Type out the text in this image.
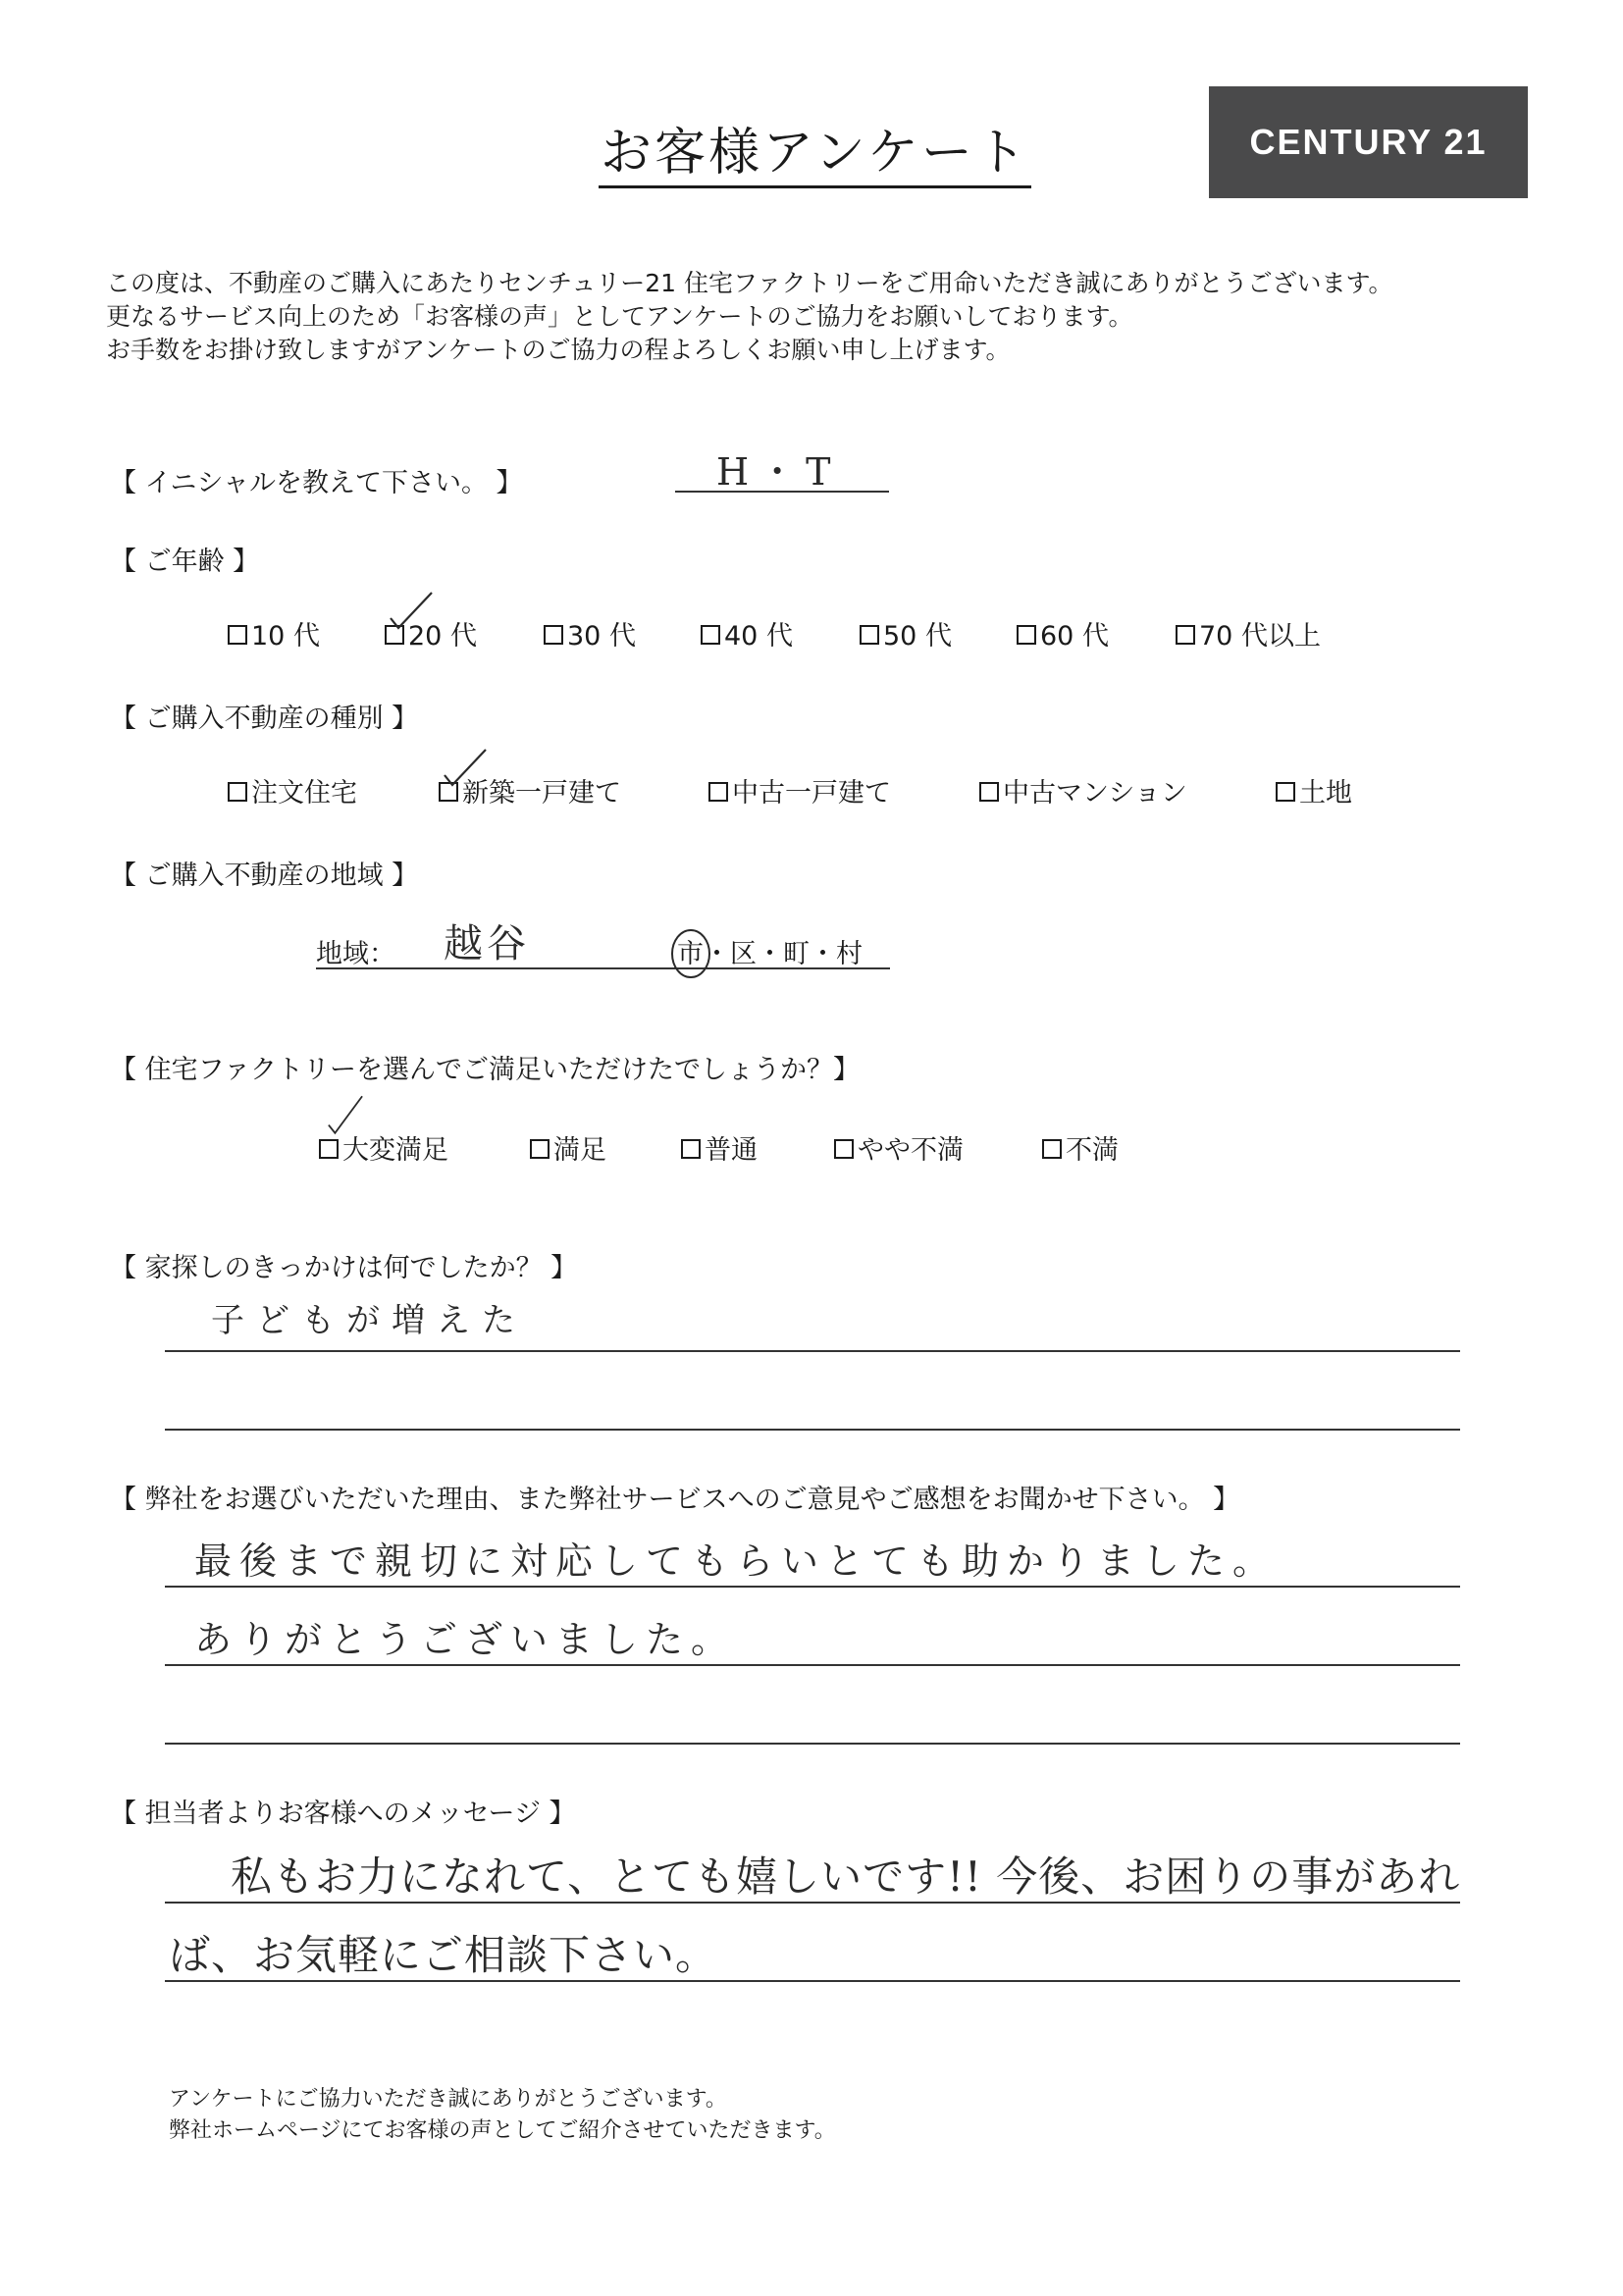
お客様アンケート	CENTURY 21
この度は、不動産のご購入にあたりセンチュリー21 住宅ファクトリーをご用命いただき誠にありがとうございます。
更なるサービス向上のため「お客様の声」としてアンケートのご協力をお願いしております。
お手数をお掛け致しますがアンケートのご協力の程よろしくお願い申し上げます。
【 イニシャルを教えて下さい。 】	H・T
【 ご年齢 】
10 代	20 代	30 代	40 代	50 代	60 代	70 代以上
【 ご購入不動産の種別 】
注文住宅	新築一戸建て	中古一戸建て	中古マンション	土地
【 ご購入不動産の地域 】
地域： 越谷	市
・区・町・村
【 住宅ファクトリーを選んでご満足いただけたでしょうか？】
大変満足	満足	普通	やや不満	不満
【 家探しのきっかけは何でしたか？ 】
子どもが増えた
【 弊社をお選びいただいた理由、また弊社サービスへのご意見やご感想をお聞かせ下さい。 】
最後まで親切に対応してもらいとても助かりました。
ありがとうございました。
【 担当者よりお客様へのメッセージ 】
私もお力になれて、とても嬉しいです!! 今後、お困りの事があれ
ば、お気軽にご相談下さい。
アンケートにご協力いただき誠にありがとうございます。
弊社ホームページにてお客様の声としてご紹介させていただきます。
